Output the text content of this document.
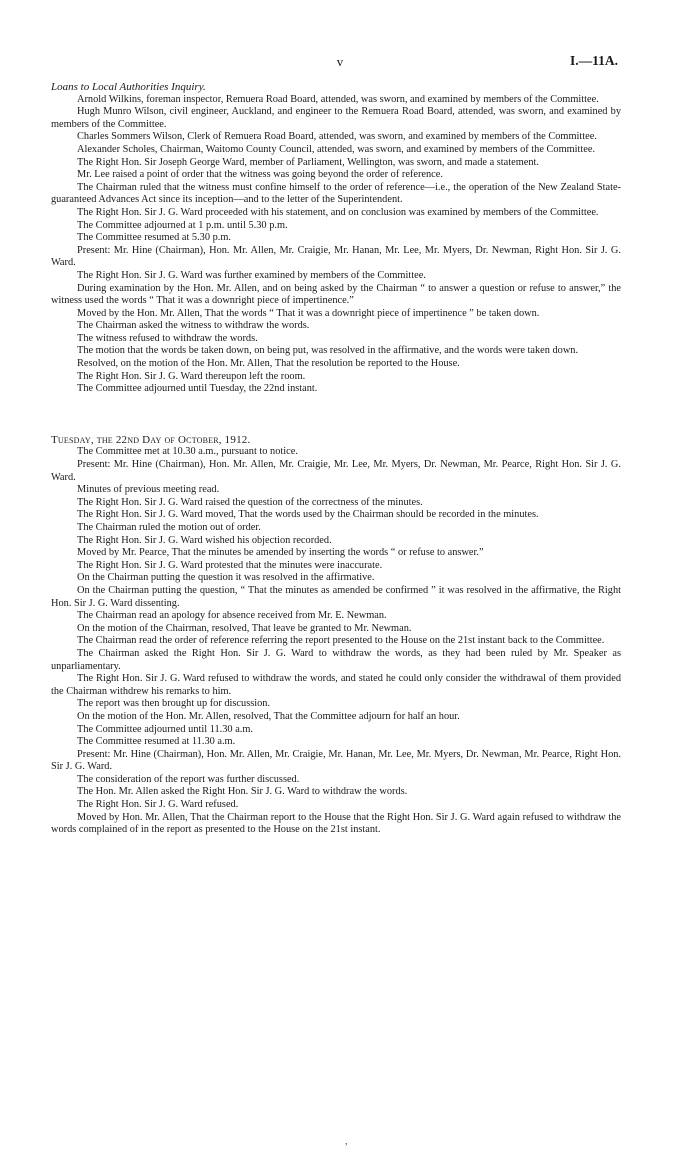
v	I.—11A.

Loans to Local Authorities Inquiry.

Arnold Wilkins, foreman inspector, Remuera Road Board, attended, was sworn, and examined by members of the Committee.

Hugh Munro Wilson, civil engineer, Auckland, and engineer to the Remuera Road Board, attended, was sworn, and examined by members of the Committee.

Charles Sommers Wilson, Clerk of Remuera Road Board, attended, was sworn, and examined by members of the Committee.

Alexander Scholes, Chairman, Waitomo County Council, attended, was sworn, and examined by members of the Committee.

The Right Hon. Sir Joseph George Ward, member of Parliament, Wellington, was sworn, and made a statement.

Mr. Lee raised a point of order that the witness was going beyond the order of reference.

The Chairman ruled that the witness must confine himself to the order of reference—i.e., the operation of the New Zealand State-guaranteed Advances Act since its inception—and to the letter of the Superintendent.

The Right Hon. Sir J. G. Ward proceeded with his statement, and on conclusion was examined by members of the Committee.

The Committee adjourned at 1 p.m. until 5.30 p.m.

The Committee resumed at 5.30 p.m.

Present: Mr. Hine (Chairman), Hon. Mr. Allen, Mr. Craigie, Mr. Hanan, Mr. Lee, Mr. Myers, Dr. Newman, Right Hon. Sir J. G. Ward.

The Right Hon. Sir J. G. Ward was further examined by members of the Committee.

During examination by the Hon. Mr. Allen, and on being asked by the Chairman “ to answer a question or refuse to answer,” the witness used the words “ That it was a downright piece of impertinence.”

Moved by the Hon. Mr. Allen, That the words “ That it was a downright piece of impertinence ” be taken down.

The Chairman asked the witness to withdraw the words.

The witness refused to withdraw the words.

The motion that the words be taken down, on being put, was resolved in the affirmative, and the words were taken down.

Resolved, on the motion of the Hon. Mr. Allen, That the resolution be reported to the House.

The Right Hon. Sir J. G. Ward thereupon left the room.

The Committee adjourned until Tuesday, the 22nd instant.

Tuesday, the 22nd Day of October, 1912.

The Committee met at 10.30 a.m., pursuant to notice.

Present: Mr. Hine (Chairman), Hon. Mr. Allen, Mr. Craigie, Mr. Lee, Mr. Myers, Dr. Newman, Mr. Pearce, Right Hon. Sir J. G. Ward.

Minutes of previous meeting read.

The Right Hon. Sir J. G. Ward raised the question of the correctness of the minutes.

The Right Hon. Sir J. G. Ward moved, That the words used by the Chairman should be recorded in the minutes.

The Chairman ruled the motion out of order.

The Right Hon. Sir J. G. Ward wished his objection recorded.

Moved by Mr. Pearce, That the minutes be amended by inserting the words “ or refuse to answer.”

The Right Hon. Sir J. G. Ward protested that the minutes were inaccurate.

On the Chairman putting the question it was resolved in the affirmative.

On the Chairman putting the question, “ That the minutes as amended be confirmed ” it was resolved in the affirmative, the Right Hon. Sir J. G. Ward dissenting.

The Chairman read an apology for absence received from Mr. E. Newman.

On the motion of the Chairman, resolved, That leave be granted to Mr. Newman.

The Chairman read the order of reference referring the report presented to the House on the 21st instant back to the Committee.

The Chairman asked the Right Hon. Sir J. G. Ward to withdraw the words, as they had been ruled by Mr. Speaker as unparliamentary.

The Right Hon. Sir J. G. Ward refused to withdraw the words, and stated he could only consider the withdrawal of them provided the Chairman withdrew his remarks to him.

The report was then brought up for discussion.

On the motion of the Hon. Mr. Allen, resolved, That the Committee adjourn for half an hour.

The Committee adjourned until 11.30 a.m.

The Committee resumed at 11.30 a.m.

Present: Mr. Hine (Chairman), Hon. Mr. Allen, Mr. Craigie, Mr. Hanan, Mr. Lee, Mr. Myers, Dr. Newman, Mr. Pearce, Right Hon. Sir J. G. Ward.

The consideration of the report was further discussed.

The Hon. Mr. Allen asked the Right Hon. Sir J. G. Ward to withdraw the words.

The Right Hon. Sir J. G. Ward refused.

Moved by Hon. Mr. Allen, That the Chairman report to the House that the Right Hon. Sir J. G. Ward again refused to withdraw the words complained of in the report as presented to the House on the 21st instant.

,
